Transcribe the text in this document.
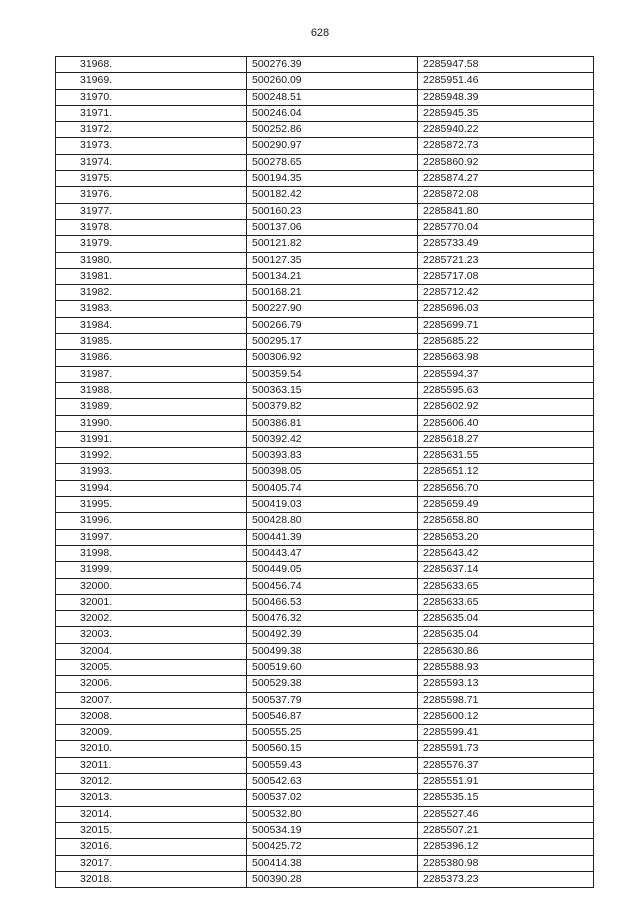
628
31968.	500276.39	2285947.58
31969.	500260.09	2285951.46
31970.	500248.51	2285948.39
31971.	500246.04	2285945.35
31972.	500252.86	2285940.22
31973.	500290.97	2285872.73
31974.	500278.65	2285860.92
31975.	500194.35	2285874.27
31976.	500182.42	2285872.08
31977.	500160.23	2285841.80
31978.	500137.06	2285770.04
31979.	500121.82	2285733.49
31980.	500127.35	2285721.23
31981.	500134.21	2285717.08
31982.	500168.21	2285712.42
31983.	500227.90	2285696.03
31984.	500266.79	2285699.71
31985.	500295.17	2285685.22
31986.	500306.92	2285663.98
31987.	500359.54	2285594.37
31988.	500363.15	2285595.63
31989.	500379.82	2285602.92
31990.	500386.81	2285606.40
31991.	500392.42	2285618.27
31992.	500393.83	2285631.55
31993.	500398.05	2285651.12
31994.	500405.74	2285656.70
31995.	500419.03	2285659.49
31996.	500428.80	2285658.80
31997.	500441.39	2285653.20
31998.	500443.47	2285643.42
31999.	500449.05	2285637.14
32000.	500456.74	2285633.65
32001.	500466.53	2285633.65
32002.	500476.32	2285635.04
32003.	500492.39	2285635.04
32004.	500499.38	2285630.86
32005.	500519.60	2285588.93
32006.	500529.38	2285593.13
32007.	500537.79	2285598.71
32008.	500546.87	2285600.12
32009.	500555.25	2285599.41
32010.	500560.15	2285591.73
32011.	500559.43	2285576.37
32012.	500542.63	2285551.91
32013.	500537.02	2285535.15
32014.	500532.80	2285527.46
32015.	500534.19	2285507.21
32016.	500425.72	2285396.12
32017.	500414.38	2285380.98
32018.	500390.28	2285373.23
